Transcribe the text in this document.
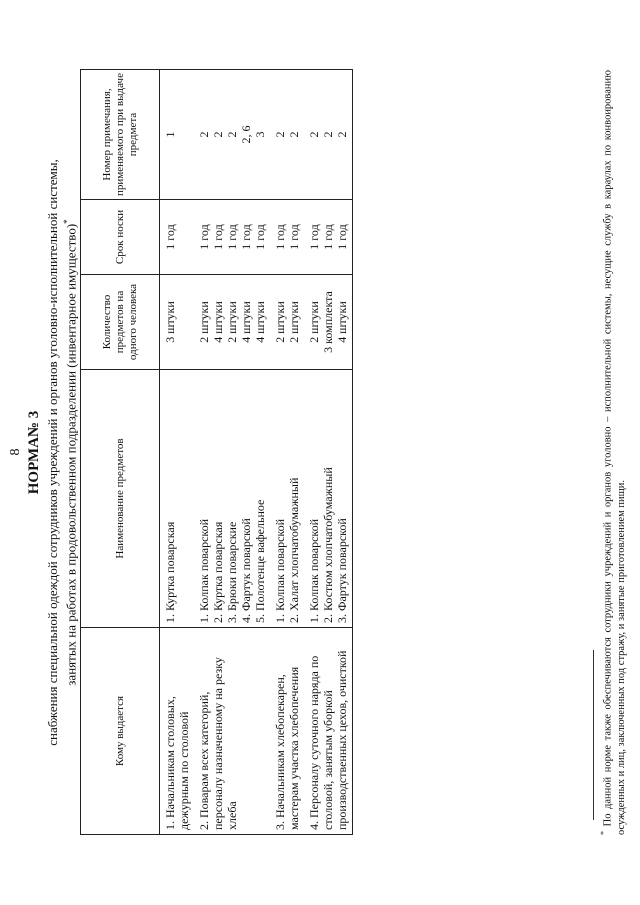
8 НОРМА№ 3 снабжения специальной одеждой сотрудников учреждений и органов уголовно-исполнительной системы, занятых на работах в продовольственном подразделении (инвентарное имущество)*
Кому выдается	Наименование предметов	Количество предметов на одного человека	Срок носки	Номер примечания, применяемого при выдаче предмета

1. Начальникам столовых, дежурным по столовой	1. Куртка поварская	3 штуки	1 год	1

2. Поварам всех категорий, персоналу назначенному на резку хлеба	1. Колпак поварской 2. Куртка поварская 3. Брюки поварские 4. Фартук поварской 5. Полотенце вафельное	2 штуки 4 штуки 2 штуки 4 штуки 4 штуки	1 год 1 год 1 год 1 год 1 год	2 2 2 2, 6 3

3. Начальникам хлебопекарен, мастерам участка хлебопечения	1. Колпак поварской 2. Халат хлопчатобумажный	2 штуки 2 штуки	1 год 1 год	2 2

4. Персоналу суточного наряда по столовой, занятым уборкой производственных цехов, очисткой	1. Колпак поварской 2. Костюм хлопчатобумажный 3. Фартук поварской	2 штуки 3 комплекта 4 штуки	1 год 1 год 1 год	2 2 2
* По данной норме также обеспечиваются сотрудники учреждений и органов уголовно – исполнительной системы, несущие службу в караулах по конвоированию осужденных и лиц, заключенных под стражу, и занятые приготовлением пищи.
